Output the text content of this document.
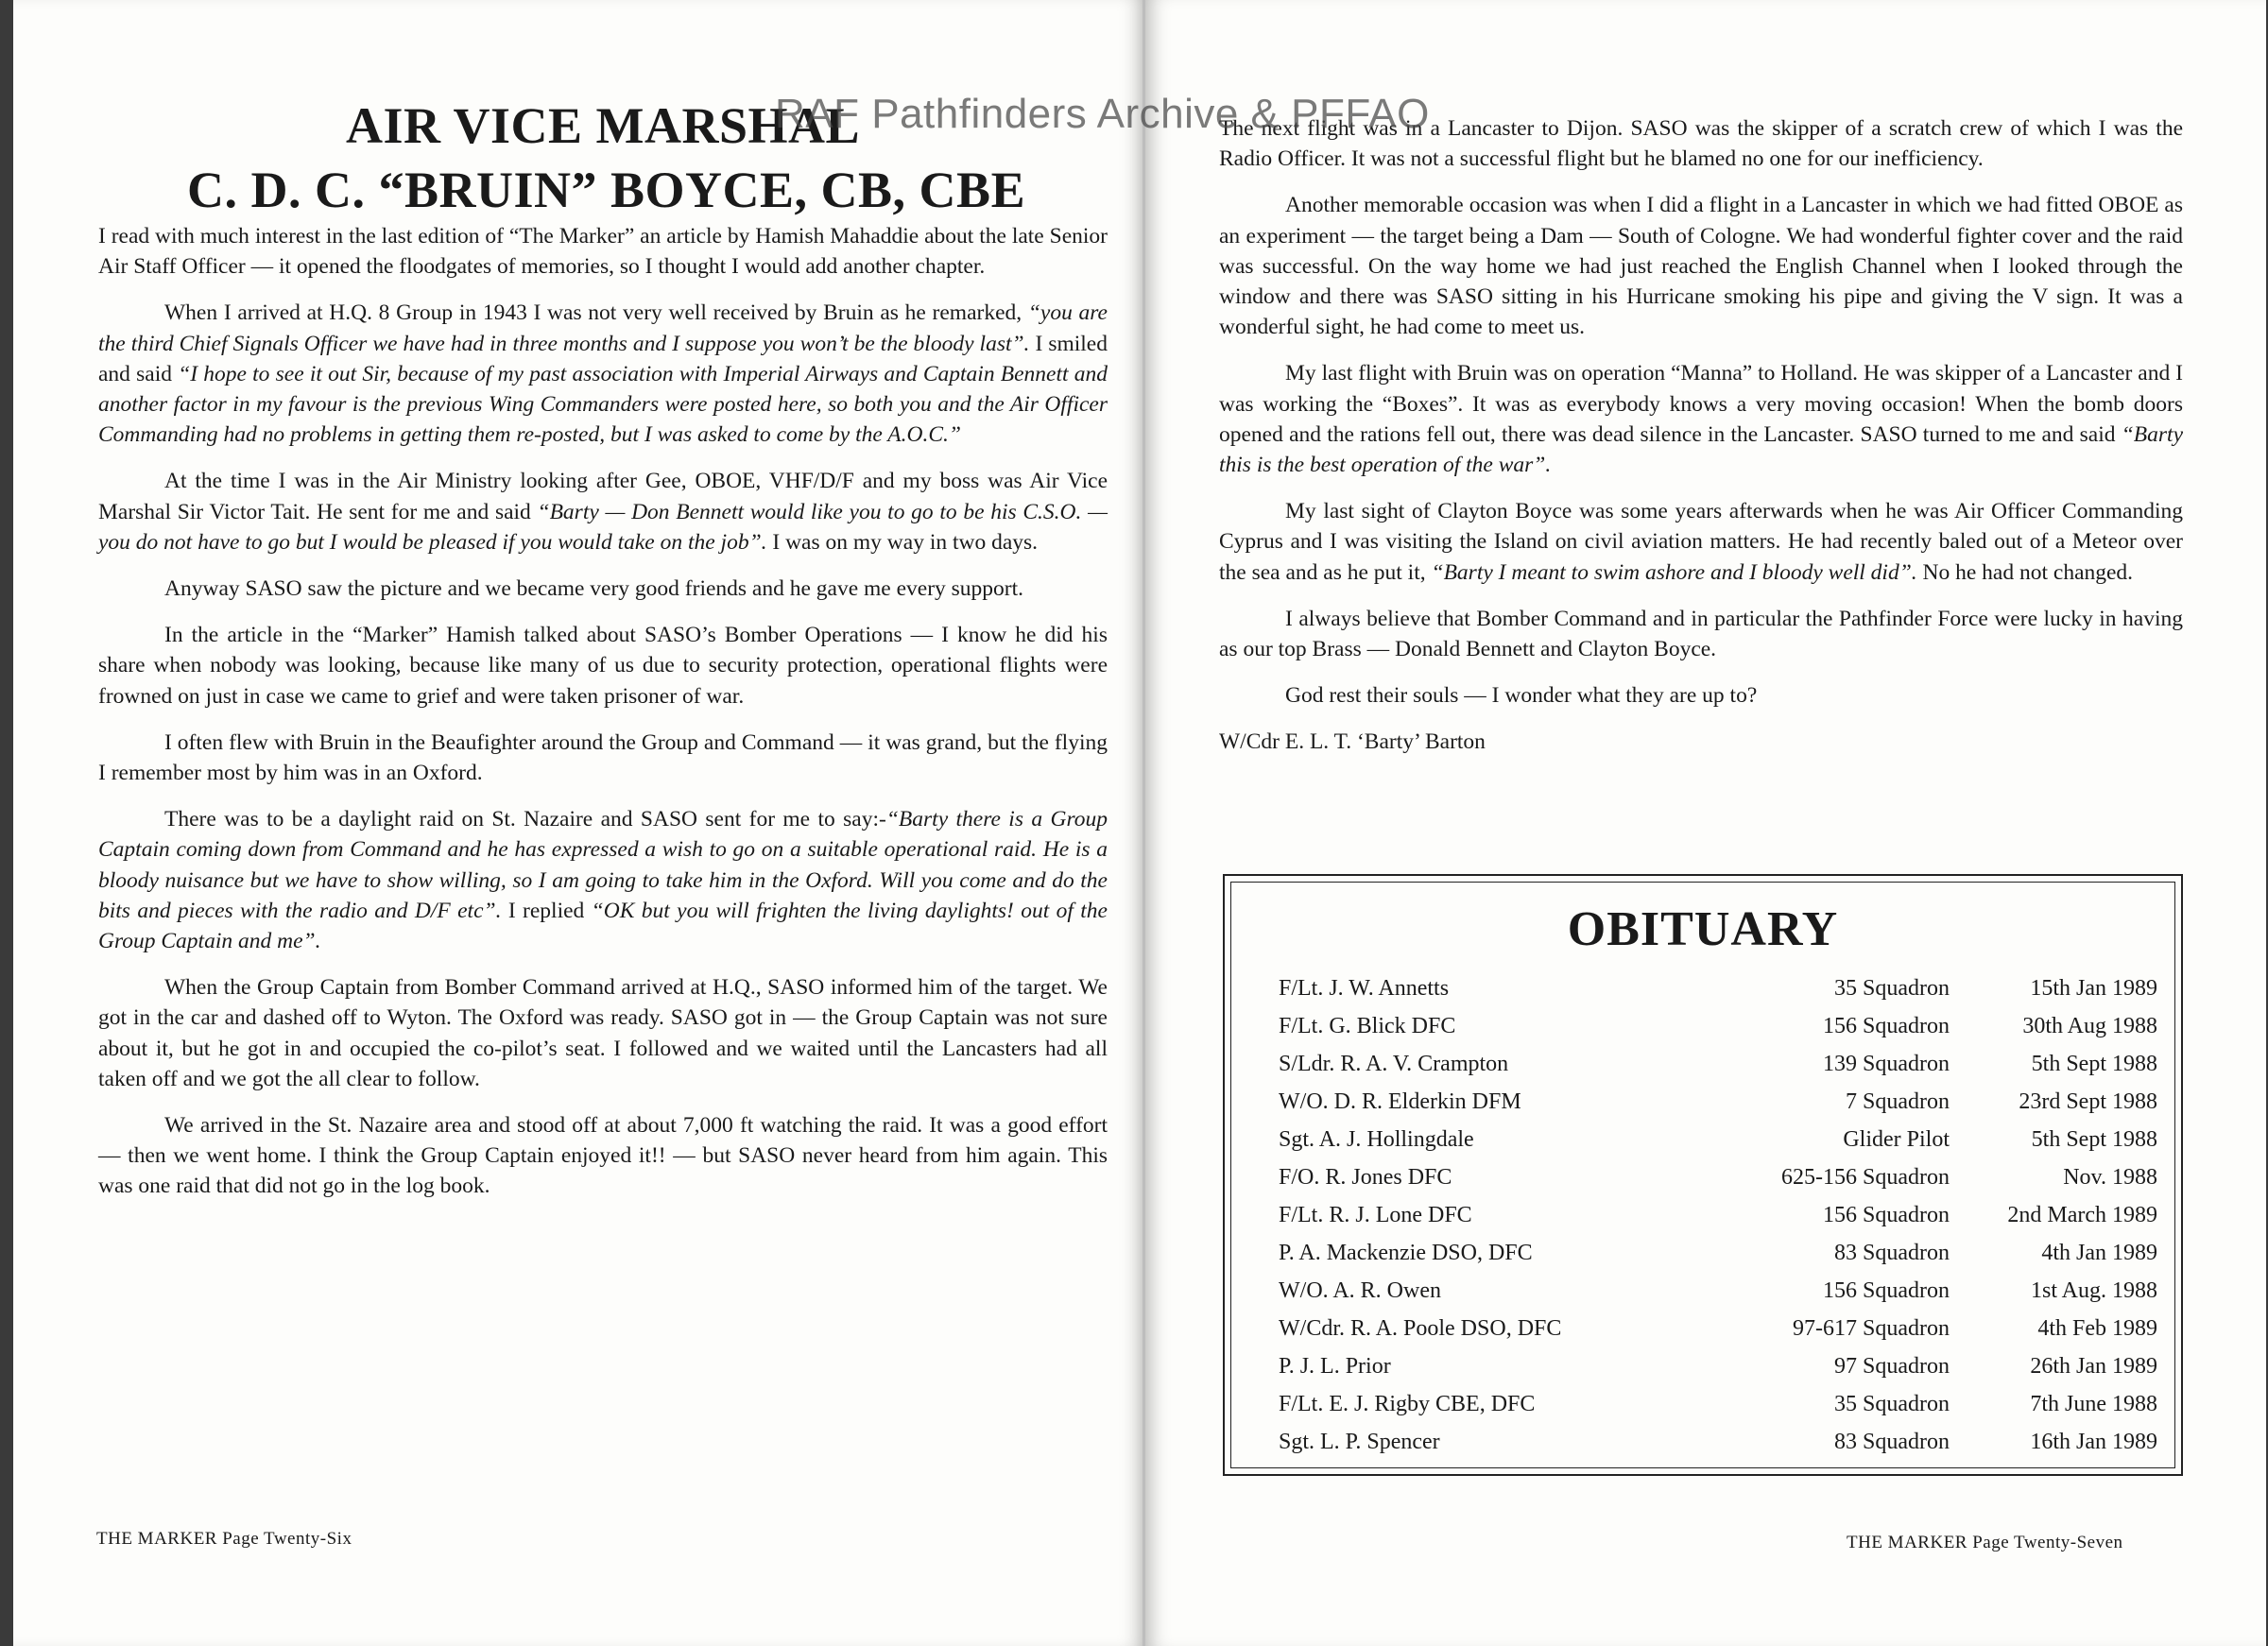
AIR VICE MARSHAL
C. D. C. “BRUIN” BOYCE, CB, CBE

I read with much interest in the last edition of “The Marker” an article by Hamish Mahaddie about the late Senior Air Staff Officer — it opened the floodgates of memories, so I thought I would add another chapter.

When I arrived at H.Q. 8 Group in 1943 I was not very well received by Bruin as he remarked, “you are the third Chief Signals Officer we have had in three months and I suppose you won’t be the bloody last”. I smiled and said “I hope to see it out Sir, because of my past association with Imperial Airways and Captain Bennett and another factor in my favour is the previous Wing Commanders were posted here, so both you and the Air Officer Commanding had no problems in getting them re-posted, but I was asked to come by the A.O.C.”

At the time I was in the Air Ministry looking after Gee, OBOE, VHF/D/F and my boss was Air Vice Marshal Sir Victor Tait. He sent for me and said “Barty — Don Bennett would like you to go to be his C.S.O. — you do not have to go but I would be pleased if you would take on the job”. I was on my way in two days.

Anyway SASO saw the picture and we became very good friends and he gave me every support.

In the article in the “Marker” Hamish talked about SASO’s Bomber Operations — I know he did his share when nobody was looking, because like many of us due to security protection, operational flights were frowned on just in case we came to grief and were taken prisoner of war.

I often flew with Bruin in the Beaufighter around the Group and Command — it was grand, but the flying I remember most by him was in an Oxford.

There was to be a daylight raid on St. Nazaire and SASO sent for me to say:-“Barty there is a Group Captain coming down from Command and he has expressed a wish to go on a suitable operational raid. He is a bloody nuisance but we have to show willing, so I am going to take him in the Oxford. Will you come and do the bits and pieces with the radio and D/F etc”. I replied “OK but you will frighten the living daylights! out of the Group Captain and me”.

When the Group Captain from Bomber Command arrived at H.Q., SASO informed him of the target. We got in the car and dashed off to Wyton. The Oxford was ready. SASO got in — the Group Captain was not sure about it, but he got in and occupied the co-pilot’s seat. I followed and we waited until the Lancasters had all taken off and we got the all clear to follow.

We arrived in the St. Nazaire area and stood off at about 7,000 ft watching the raid. It was a good effort — then we went home. I think the Group Captain enjoyed it!! — but SASO never heard from him again. This was one raid that did not go in the log book.

THE MARKER Page Twenty-Six

The next flight was in a Lancaster to Dijon. SASO was the skipper of a scratch crew of which I was the Radio Officer. It was not a successful flight but he blamed no one for our inefficiency.

Another memorable occasion was when I did a flight in a Lancaster in which we had fitted OBOE as an experiment — the target being a Dam — South of Cologne. We had wonderful fighter cover and the raid was successful. On the way home we had just reached the English Channel when I looked through the window and there was SASO sitting in his Hurricane smoking his pipe and giving the V sign. It was a wonderful sight, he had come to meet us.

My last flight with Bruin was on operation “Manna” to Holland. He was skipper of a Lancaster and I was working the “Boxes”. It was as everybody knows a very moving occasion! When the bomb doors opened and the rations fell out, there was dead silence in the Lancaster. SASO turned to me and said “Barty this is the best operation of the war”.

My last sight of Clayton Boyce was some years afterwards when he was Air Officer Commanding Cyprus and I was visiting the Island on civil aviation matters. He had recently baled out of a Meteor over the sea and as he put it, “Barty I meant to swim ashore and I bloody well did”. No he had not changed.

I always believe that Bomber Command and in particular the Pathfinder Force were lucky in having as our top Brass — Donald Bennett and Clayton Boyce.

God rest their souls — I wonder what they are up to?

W/Cdr E. L. T. ‘Barty’ Barton

OBITUARY
F/Lt. J. W. Annetts	35 Squadron	15th Jan 1989
F/Lt. G. Blick DFC	156 Squadron	30th Aug 1988
S/Ldr. R. A. V. Crampton	139 Squadron	5th Sept 1988
W/O. D. R. Elderkin DFM	7 Squadron	23rd Sept 1988
Sgt. A. J. Hollingdale	Glider Pilot	5th Sept 1988
F/O. R. Jones DFC	625-156 Squadron	Nov. 1988
F/Lt. R. J. Lone DFC	156 Squadron	2nd March 1989
P. A. Mackenzie DSO, DFC	83 Squadron	4th Jan 1989
W/O. A. R. Owen	156 Squadron	1st Aug. 1988
W/Cdr. R. A. Poole DSO, DFC	97-617 Squadron	4th Feb 1989
P. J. L. Prior	97 Squadron	26th Jan 1989
F/Lt. E. J. Rigby CBE, DFC	35 Squadron	7th June 1988
Sgt. L. P. Spencer	83 Squadron	16th Jan 1989
THE MARKER Page Twenty-Seven
RAF Pathfinders Archive & PFFAO
